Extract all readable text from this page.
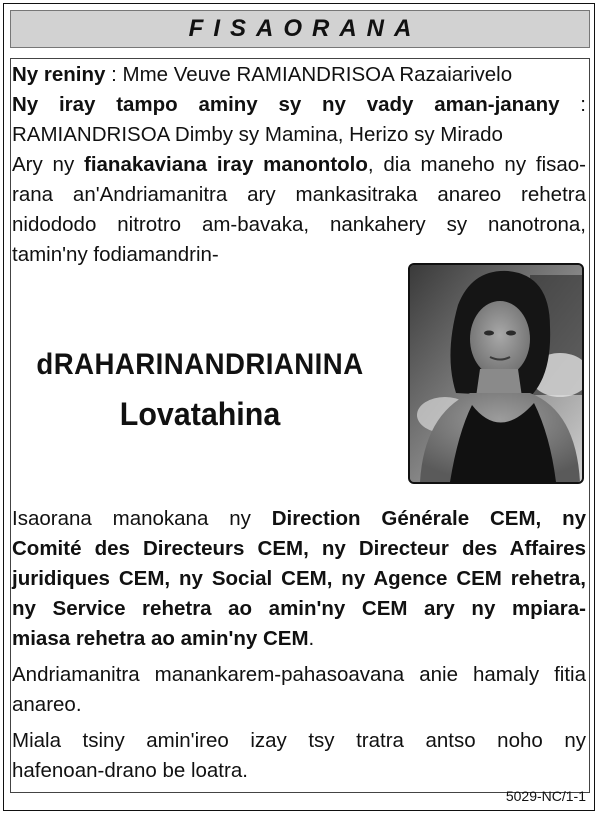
FISAORANA
Ny reniny : Mme Veuve RAMIANDRISOA Razaiarivelo
Ny iray tampo aminy sy ny vady aman-janany :
RAMIANDRISOA Dimby sy Mamina, Herizo sy Mirado
Ary ny fianakaviana iray manontolo, dia maneho ny fisao-
rana an'Andriamanitra ary mankasitraka anareo rehetra
nidododo nitrotro am-bavaka, nankahery sy nanotrona,
tamin'ny fodiamandrin-
dRAHARINANDRIANINA
Lovatahina
Isaorana manokana ny Direction Générale CEM, ny
Comité des Directeurs CEM, ny Directeur des Affaires
juridiques CEM, ny Social CEM, ny Agence CEM rehetra,
ny Service rehetra ao amin'ny CEM ary ny mpiara-
miasa rehetra ao amin'ny CEM.
Andriamanitra manankarem-pahasoavana anie hamaly fitia
anareo.
Miala tsiny amin'ireo izay tsy tratra antso noho ny
hafenoan-drano be loatra.
5029-NC/1-1
